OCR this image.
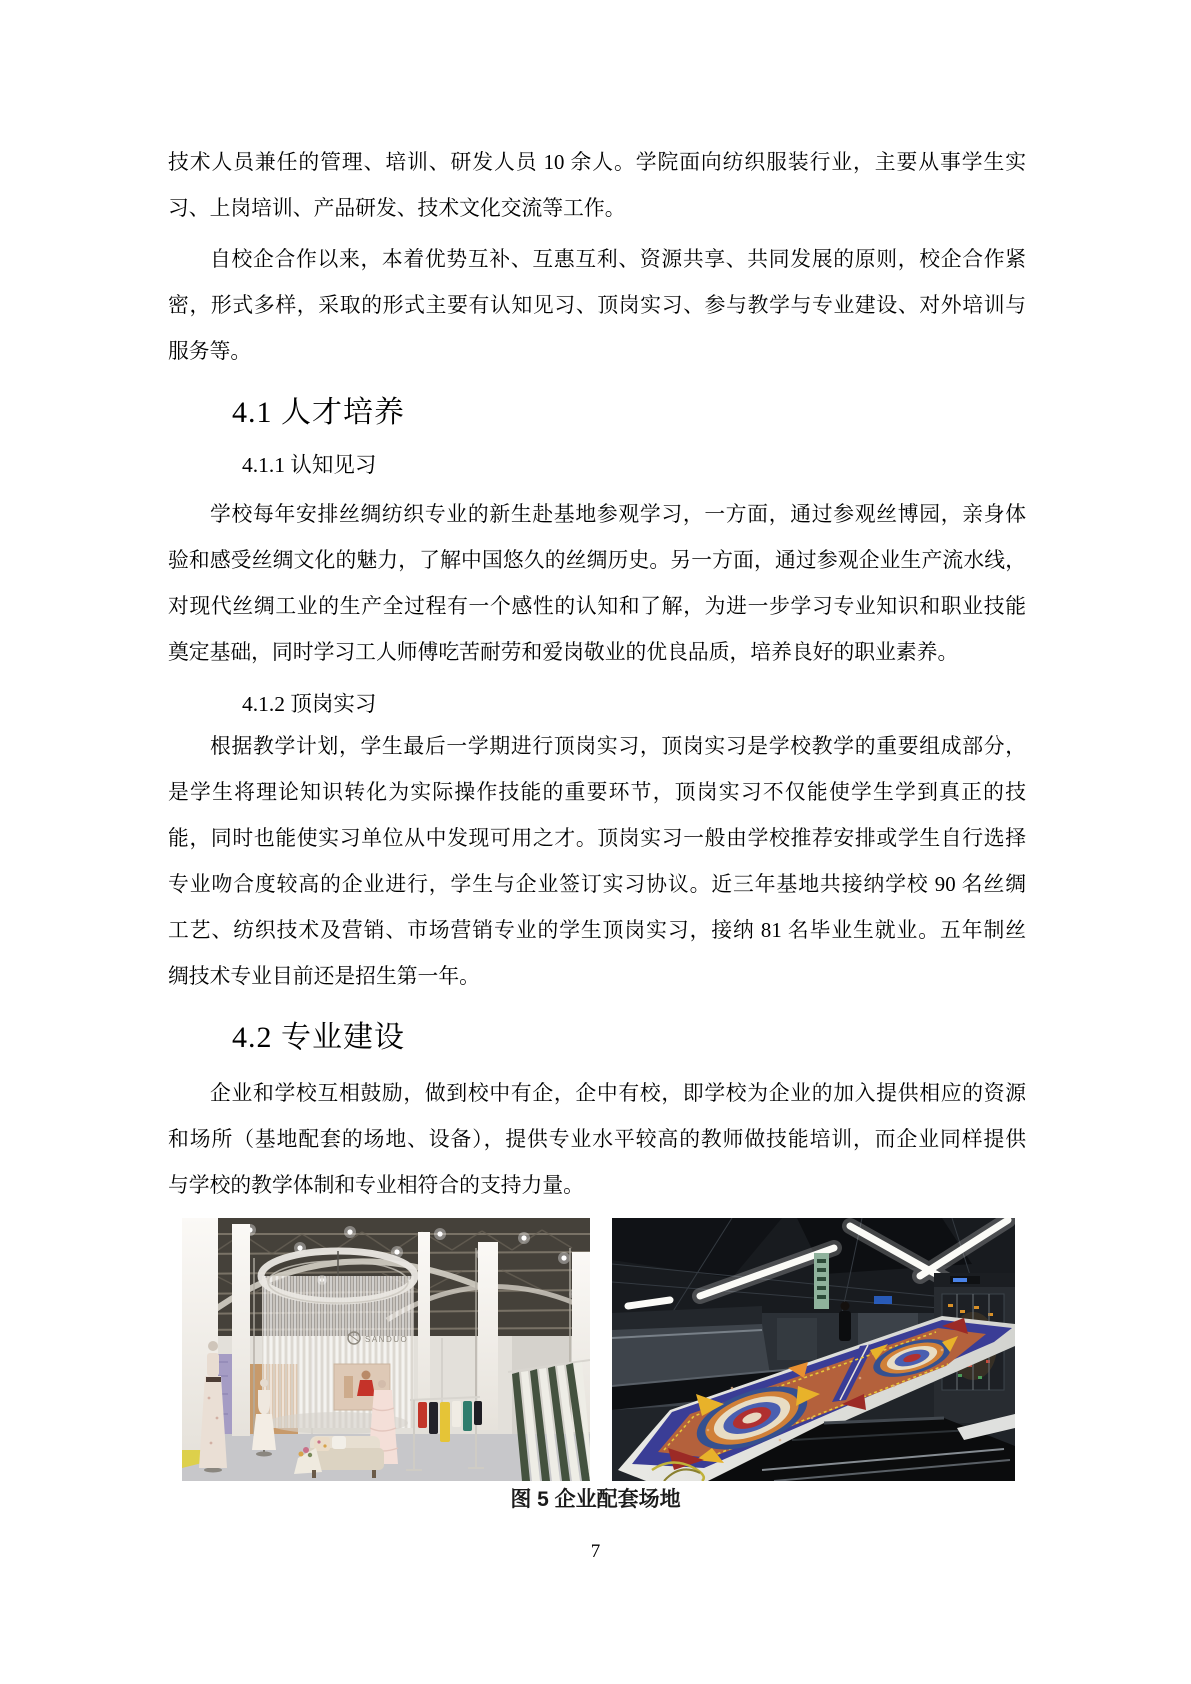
技术人员兼任的管理、培训、研发人员 10 余人。学院面向纺织服装行业，主要从事学生实
习、上岗培训、产品研发、技术文化交流等工作。
自校企合作以来，本着优势互补、互惠互利、资源共享、共同发展的原则，校企合作紧
密，形式多样，采取的形式主要有认知见习、顶岗实习、参与教学与专业建设、对外培训与
服务等。
4.1 人才培养
4.1.1 认知见习
学校每年安排丝绸纺织专业的新生赴基地参观学习，一方面，通过参观丝博园，亲身体
验和感受丝绸文化的魅力，了解中国悠久的丝绸历史。另一方面，通过参观企业生产流水线，
对现代丝绸工业的生产全过程有一个感性的认知和了解，为进一步学习专业知识和职业技能
奠定基础，同时学习工人师傅吃苦耐劳和爱岗敬业的优良品质，培养良好的职业素养。
4.1.2 顶岗实习
根据教学计划，学生最后一学期进行顶岗实习，顶岗实习是学校教学的重要组成部分，
是学生将理论知识转化为实际操作技能的重要环节，顶岗实习不仅能使学生学到真正的技
能，同时也能使实习单位从中发现可用之才。顶岗实习一般由学校推荐安排或学生自行选择
专业吻合度较高的企业进行，学生与企业签订实习协议。近三年基地共接纳学校 90 名丝绸
工艺、纺织技术及营销、市场营销专业的学生顶岗实习，接纳 81 名毕业生就业。五年制丝
绸技术专业目前还是招生第一年。
4.2 专业建设
企业和学校互相鼓励，做到校中有企，企中有校，即学校为企业的加入提供相应的资源
和场所（基地配套的场地、设备），提供专业水平较高的教师做技能培训，而企业同样提供
与学校的教学体制和专业相符合的支持力量。
SANDUO
图 5 企业配套场地
7
